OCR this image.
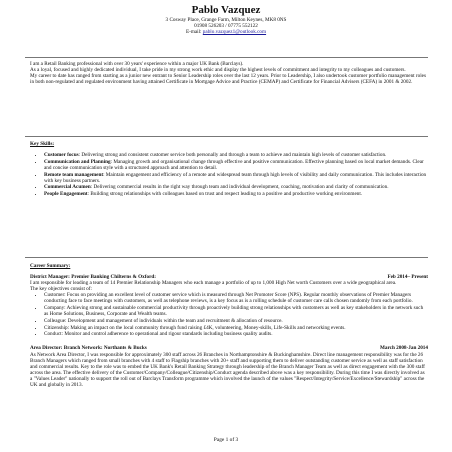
Pablo Vazquez
3 Cosway Place, Grange Farm, Milton Keynes, MK8 0NS
01908 526203 / 07775 552122
E-mail: pablo.vazquez1@outlook.com

I am a Retail Banking professional with over 30 years' experience within a major UK Bank (Barclays).

As a loyal, focused and highly dedicated individual, I take pride in my strong work ethic and display the highest levels of commitment and integrity to my colleagues and customers.

My career to date has ranged from starting as a junior new entrant to Senior Leadership roles over the last 12 years. Prior to Leadership, I also undertook customer portfolio management roles in both non-regulated and regulated environment having attained Certificate in Mortgage Advice and Practice (CEMAP) and Certificate for Financial Advisers (CEFA) in 2001 & 2002.

Key Skills:

• Customer focus: Delivering strong and consistent customer service both personally and through a team to achieve and maintain high levels of customer satisfaction.
• Communication and Planning: Managing growth and organisational change through effective and positive communication. Effective planning based on local market demands. Clear and concise communication style with a structured approach and attention to detail.
• Remote team management: Maintain engagement and efficiency of a remote and widespread team through high levels of visibility and daily communication. This includes interaction with key business partners.
• Commercial Acumen: Delivering commercial results in the right way through team and individual development, coaching, motivation and clarity of communication.
• People Engagement: Building strong relationships with colleagues based on trust and respect leading to a positive and productive working environment.

Career Summary:

District Manager: Premier Banking Chilterns & Oxford:	Feb 2014– Present

I am responsible for leading a team of 14 Premier Relationship Managers who each manage a portfolio of up to 1,000 High Net worth Customers over a wide geographical area.

The key objectives consist of:

• Customer: Focus on providing an excellent level of customer service which is measured through Net Promoter Score (NPS). Regular monthly observations of Premier Managers conducting face to face meetings with customers, as well as telephone reviews, is a key focus as is a rolling schedule of customer care calls chosen randomly from each portfolio.
• Company: Achieving strong and sustainable commercial productivity through proactively building strong relationships with customers as well as key stakeholders in the network such as Home Solutions, Business, Corporate and Wealth teams.
• Colleague: Development and management of individuals within the team and recruitment & allocation of resource.
• Citizenship: Making an impact on the local community through fund raising £4K, volunteering, Money-skills, Life-Skills and networking events.
• Conduct: Monitor and control adherence to operational and rigour standards including business quality audits.

Area Director: Branch Network: Northants & Bucks	March 2008-Jan 2014

As Network Area Director, I was responsible for approximately 300 staff across 26 Branches in Northamptonshire & Buckinghamshire. Direct line management responsibility was for the 26 Branch Managers which ranged from small branches with 4 staff to Flagship branches with 20+ staff and supporting them to deliver outstanding customer service as well as staff satisfaction and commercial results. Key to the role was to embed the UK Bank's Retail Banking Strategy through leadership of the Branch Manager Team as well as direct engagement with the 300 staff across the area. The effective delivery of the Customer/Company/Colleague/Citizenship/Conduct agenda described above was a key responsibility. During this time I was directly involved as a "Values Leader" nationally to support the roll out of Barclays Transform programme which involved the launch of the values "Respect/Integrity/Service/Excellence/Stewardship" across the UK and globally in 2013.

Page 1 of 3
